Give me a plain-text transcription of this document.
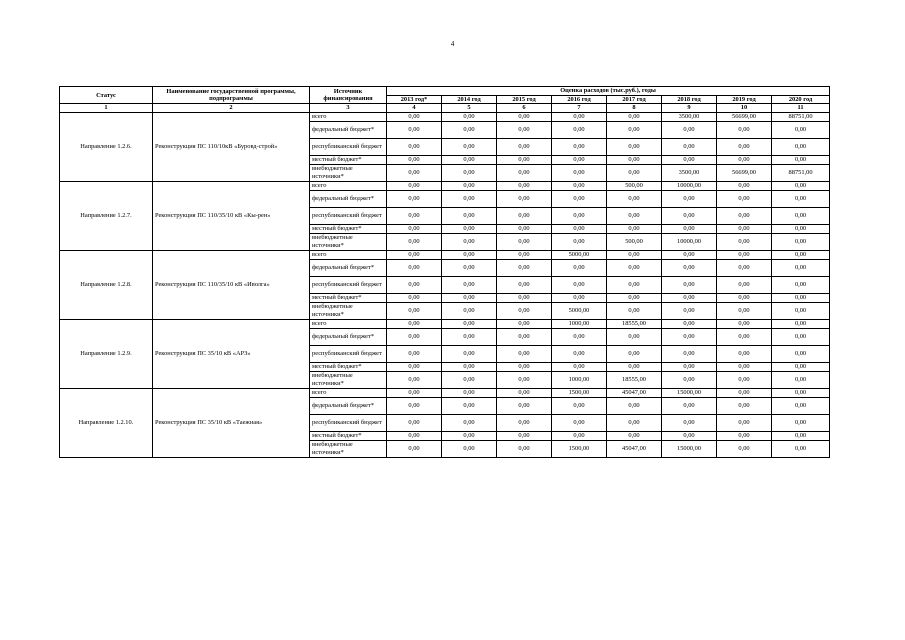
4
Статус	Наименование государственной программы, подпрограммы	Источник финансирования	Оценка расходов (тыс.руб.), годы							
			2013 год*	2014 год	2015 год	2016 год	2017 год	2018 год	2019 год	2020 год
1	2	3	4	5	6	7	8	9	10	11
Направление 1.2.6.	Реконструкция ПС 110/10кВ «Буровд-строй»	всего	0,00	0,00	0,00	0,00	0,00	3500,00	56699,00	88751,00
		федеральный бюджет*	0,00	0,00	0,00	0,00	0,00	0,00	0,00	0,00
		республиканский бюджет	0,00	0,00	0,00	0,00	0,00	0,00	0,00	0,00
		местный бюджет*	0,00	0,00	0,00	0,00	0,00	0,00	0,00	0,00
		внебюджетные источники*	0,00	0,00	0,00	0,00	0,00	3500,00	56699,00	88751,00
Направление 1.2.7.	Реконструкция ПС 110/35/10 кВ «Кы-рен»	всего	0,00	0,00	0,00	0,00	500,00	10000,00	0,00	0,00
		федеральный бюджет*	0,00	0,00	0,00	0,00	0,00	0,00	0,00	0,00
		республиканский бюджет	0,00	0,00	0,00	0,00	0,00	0,00	0,00	0,00
		местный бюджет*	0,00	0,00	0,00	0,00	0,00	0,00	0,00	0,00
		внебюджетные источники*	0,00	0,00	0,00	0,00	500,00	10000,00	0,00	0,00
Направление 1.2.8.	Реконструкция ПС 110/35/10 кВ «Иволга»	всего	0,00	0,00	0,00	5000,00	0,00	0,00	0,00	0,00
		федеральный бюджет*	0,00	0,00	0,00	0,00	0,00	0,00	0,00	0,00
		республиканский бюджет	0,00	0,00	0,00	0,00	0,00	0,00	0,00	0,00
		местный бюджет*	0,00	0,00	0,00	0,00	0,00	0,00	0,00	0,00
		внебюджетные источники*	0,00	0,00	0,00	5000,00	0,00	0,00	0,00	0,00
Направление 1.2.9.	Реконструкция ПС 35/10 кВ «АРЗ»	всего	0,00	0,00	0,00	1000,00	18555,00	0,00	0,00	0,00
		федеральный бюджет*	0,00	0,00	0,00	0,00	0,00	0,00	0,00	0,00
		республиканский бюджет	0,00	0,00	0,00	0,00	0,00	0,00	0,00	0,00
		местный бюджет*	0,00	0,00	0,00	0,00	0,00	0,00	0,00	0,00
		внебюджетные источники*	0,00	0,00	0,00	1000,00	18555,00	0,00	0,00	0,00
Направление 1.2.10.	Реконструкция ПС 35/10 кВ «Таежная»	всего	0,00	0,00	0,00	1500,00	45047,00	15000,00	0,00	0,00
		федеральный бюджет*	0,00	0,00	0,00	0,00	0,00	0,00	0,00	0,00
		республиканский бюджет	0,00	0,00	0,00	0,00	0,00	0,00	0,00	0,00
		местный бюджет*	0,00	0,00	0,00	0,00	0,00	0,00	0,00	0,00
		внебюджетные источники*	0,00	0,00	0,00	1500,00	45047,00	15000,00	0,00	0,00
